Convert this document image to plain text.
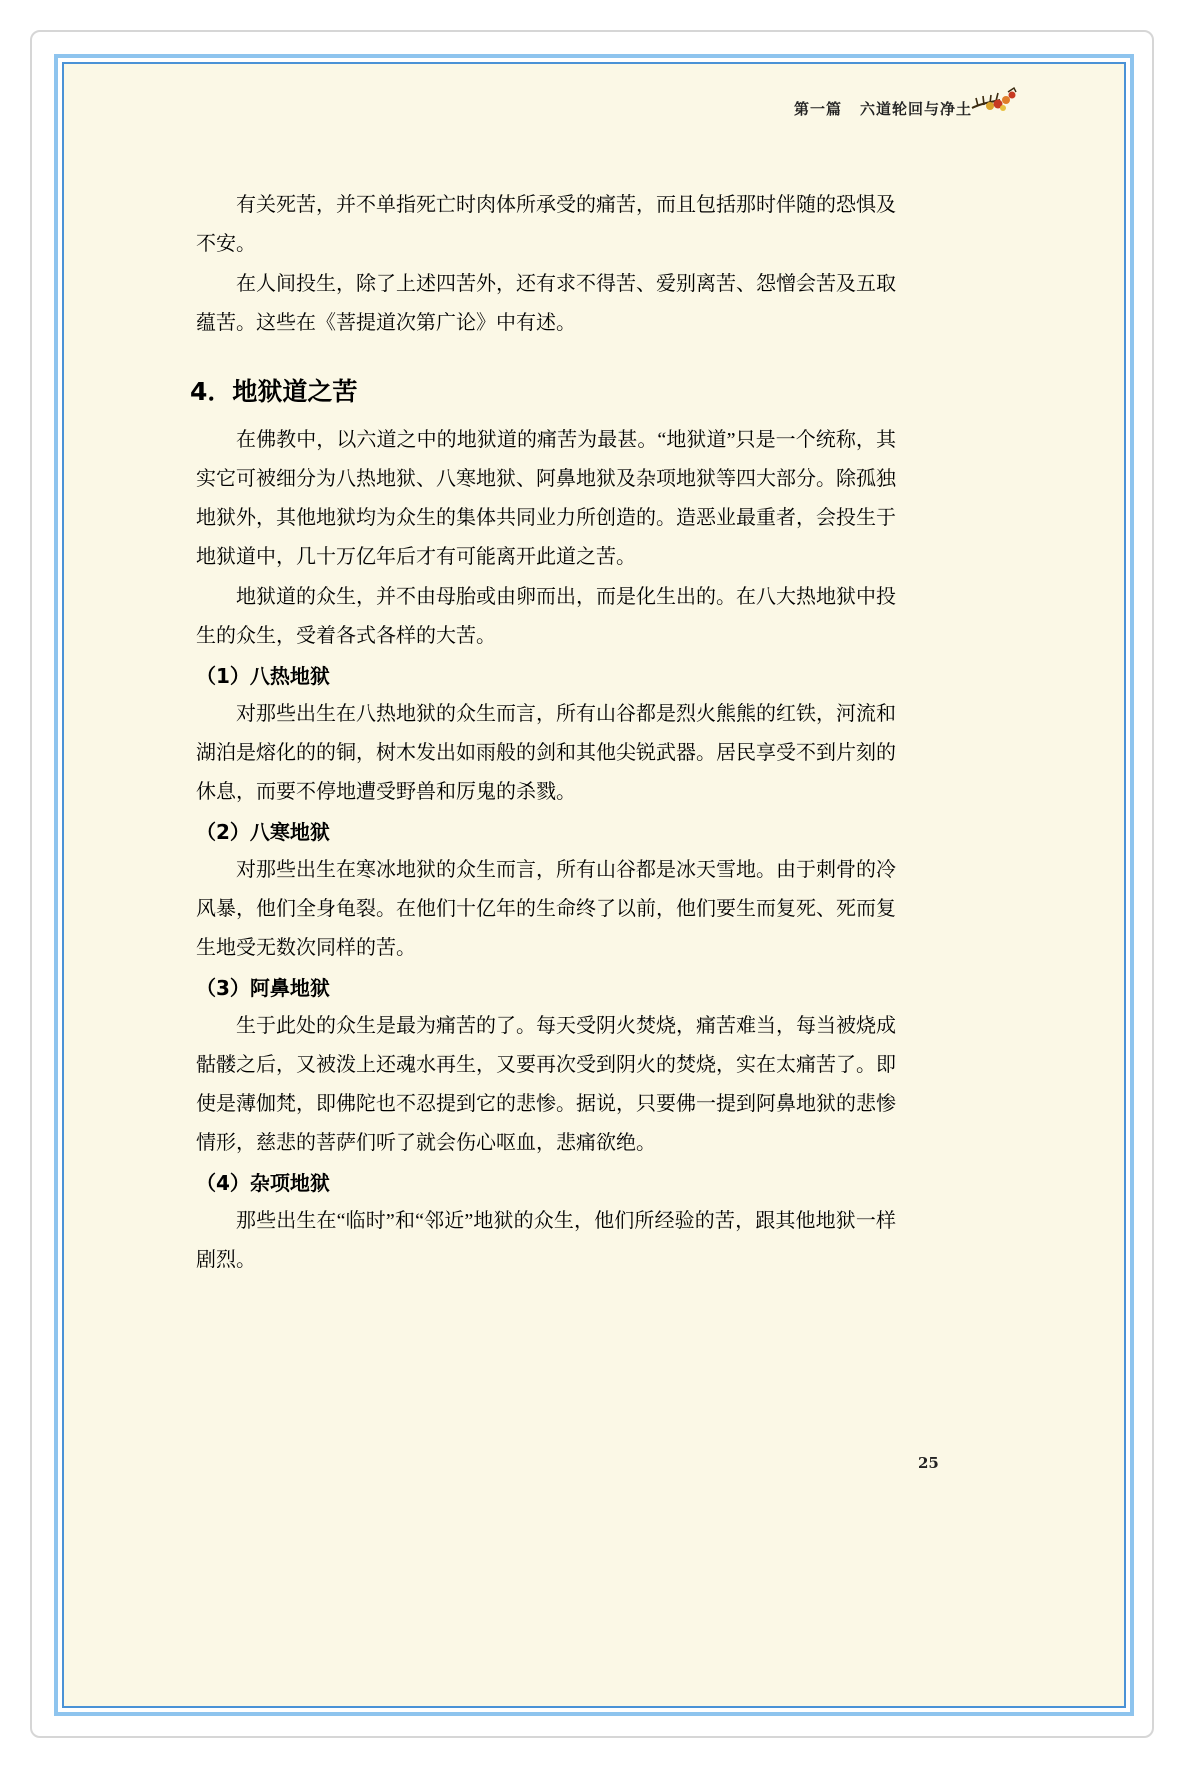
第一篇 六道轮回与净土

有关死苦，并不单指死亡时肉体所承受的痛苦，而且包括那时伴随的恐惧及不安。

在人间投生，除了上述四苦外，还有求不得苦、爱别离苦、怨憎会苦及五取蕴苦。这些在《菩提道次第广论》中有述。

4．地狱道之苦

在佛教中，以六道之中的地狱道的痛苦为最甚。“地狱道”只是一个统称，其实它可被细分为八热地狱、八寒地狱、阿鼻地狱及杂项地狱等四大部分。除孤独地狱外，其他地狱均为众生的集体共同业力所创造的。造恶业最重者，会投生于地狱道中，几十万亿年后才有可能离开此道之苦。

地狱道的众生，并不由母胎或由卵而出，而是化生出的。在八大热地狱中投生的众生，受着各式各样的大苦。

（1）八热地狱

对那些出生在八热地狱的众生而言，所有山谷都是烈火熊熊的红铁，河流和湖泊是熔化的的铜，树木发出如雨般的剑和其他尖锐武器。居民享受不到片刻的休息，而要不停地遭受野兽和厉鬼的杀戮。

（2）八寒地狱

对那些出生在寒冰地狱的众生而言，所有山谷都是冰天雪地。由于刺骨的冷风暴，他们全身龟裂。在他们十亿年的生命终了以前，他们要生而复死、死而复生地受无数次同样的苦。

（3）阿鼻地狱

生于此处的众生是最为痛苦的了。每天受阴火焚烧，痛苦难当，每当被烧成骷髅之后，又被泼上还魂水再生，又要再次受到阴火的焚烧，实在太痛苦了。即使是薄伽梵，即佛陀也不忍提到它的悲惨。据说，只要佛一提到阿鼻地狱的悲惨情形，慈悲的菩萨们听了就会伤心呕血，悲痛欲绝。

（4）杂项地狱

那些出生在“临时”和“邻近”地狱的众生，他们所经验的苦，跟其他地狱一样剧烈。

25
